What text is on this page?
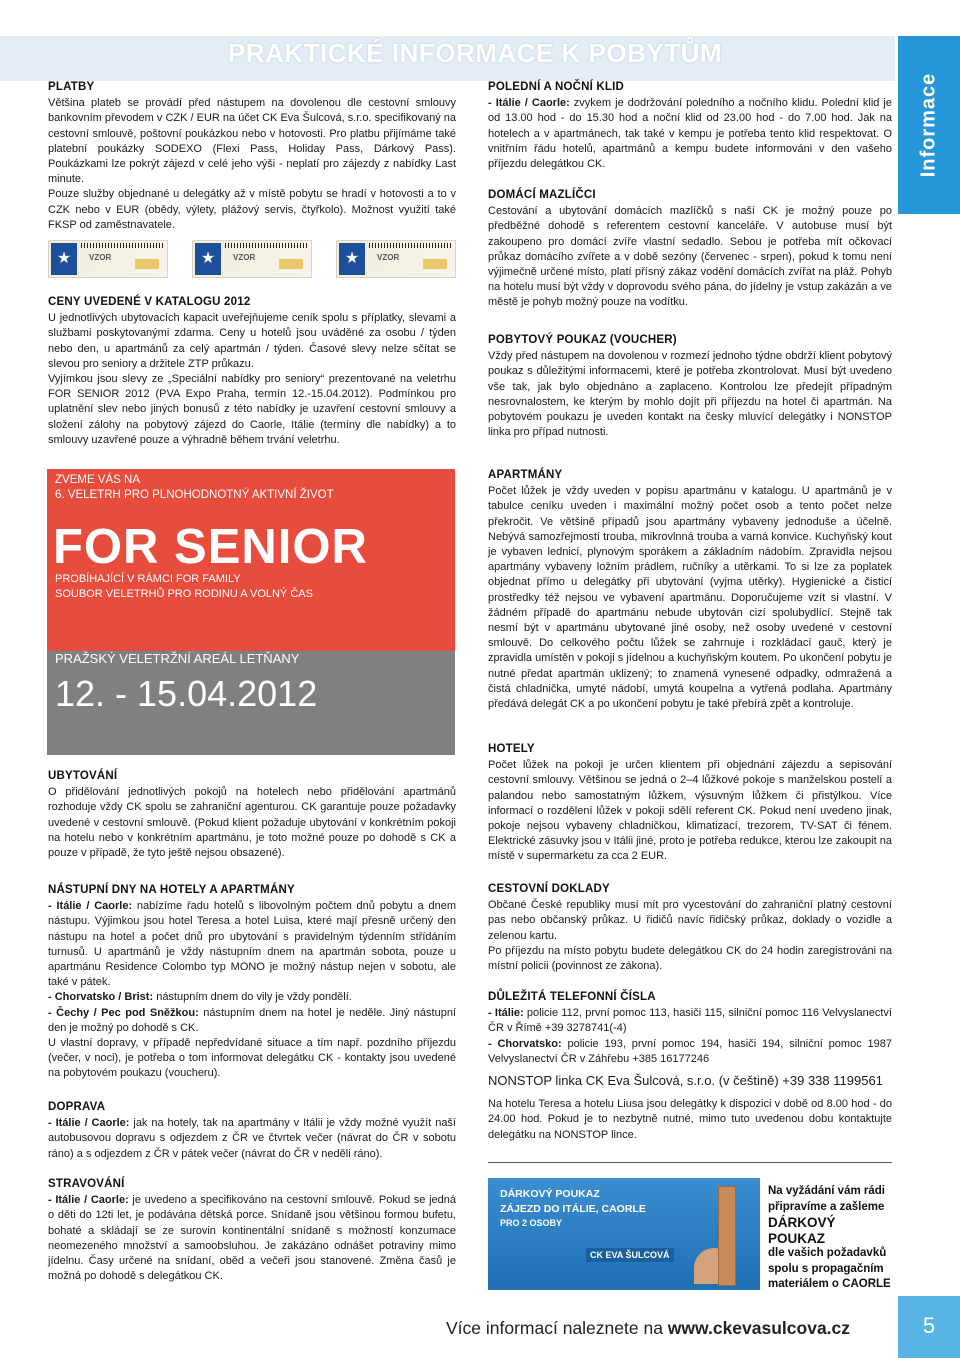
PRAKTICKÉ INFORMACE K POBYTŮM
Informace
PLATBY

Většina plateb se provádí před nástupem na dovolenou dle cestovní smlouvy bankovním převodem v CZK / EUR na účet CK Eva Šulcová, s.r.o. specifikovaný na cestovní smlouvě, poštovní poukázkou nebo v hotovosti. Pro platbu přijímáme také platební poukázky SODEXO (Flexi Pass, Holiday Pass, Dárkový Pass). Poukázkami lze pokrýt zájezd v celé jeho výši - neplatí pro zájezdy z nabídky Last minute.

Pouze služby objednané u delegátky až v místě pobytu se hradí v hotovosti a to v CZK nebo v EUR (obědy, výlety, plážový servis, čtyřkolo). Možnost využití také FKSP od zaměstnavatele.

★	VZOR	★	VZOR	★	VZOR
CENY UVEDENÉ V KATALOGU 2012

U jednotlivých ubytovacích kapacit uveřejňujeme ceník spolu s příplatky, slevami a službami poskytovanými zdarma. Ceny u hotelů jsou uváděné za osobu / týden nebo den, u apartmánů za celý apartmán / týden. Časové slevy nelze sčítat se slevou pro seniory a držitele ZTP průkazu.

Vyjímkou jsou slevy ze „Speciální nabídky pro seniory“ prezentované na veletrhu FOR SENIOR 2012 (PVA Expo Praha, termín 12.-15.04.2012). Podmínkou pro uplatnění slev nebo jiných bonusů z této nabídky je uzavření cestovní smlouvy a složení zálohy na pobytový zájezd do Caorle, Itálie (termíny dle nabídky) a to smlouvy uzavřené pouze a výhradně během trvání veletrhu.

ZVEME VÁS NA
6. VELETRH PRO PLNOHODNOTNÝ AKTIVNÍ ŽIVOT
FOR SENIOR
PROBÍHAJÍCÍ V RÁMCI FOR FAMILY
SOUBOR VELETRHŮ PRO RODINU A VOLNÝ ČAS
PRAŽSKÝ VELETRŽNÍ AREÁL LETŇANY
12. - 15.04.2012
UBYTOVÁNÍ

O přidělování jednotlivých pokojů na hotelech nebo přidělování apartmánů rozhoduje vždy CK spolu se zahraniční agenturou. CK garantuje pouze požadavky uvedené v cestovní smlouvě. (Pokud klient požaduje ubytování v konkrétním pokoji na hotelu nebo v konkrétním apartmánu, je toto možné pouze po dohodě s CK a pouze v případě, že tyto ještě nejsou obsazené).

NÁSTUPNÍ DNY NA HOTELY A APARTMÁNY

- Itálie / Caorle: nabízíme řadu hotelů s libovolným počtem dnů pobytu a dnem nástupu. Výjimkou jsou hotel Teresa a hotel Luisa, které mají přesně určený den nástupu na hotel a počet dnů pro ubytování s pravidelným týdenním střídáním turnusů. U apartmánů je vždy nástupním dnem na apartmán sobota, pouze u apartmánu Residence Colombo typ MONO je možný nástup nejen v sobotu, ale také v pátek.

- Chorvatsko / Brist: nástupním dnem do vily je vždy pondělí.

- Čechy / Pec pod Sněžkou: nástupním dnem na hotel je neděle. Jiný nástupní den je možný po dohodě s CK.

U vlastní dopravy, v případě nepředvídané situace a tím např. pozdního příjezdu (večer, v noci), je potřeba o tom informovat delegátku CK - kontakty jsou uvedené na pobytovém poukazu (voucheru).

DOPRAVA

- Itálie / Caorle: jak na hotely, tak na apartmány v Itálii je vždy možné využít naší autobusovou dopravu s odjezdem z ČR ve čtvrtek večer (návrat do ČR v sobotu ráno) a s odjezdem z ČR v pátek večer (návrat do ČR v neděli ráno).

STRAVOVÁNÍ

- Itálie / Caorle: je uvedeno a specifikováno na cestovní smlouvě. Pokud se jedná o děti do 12ti let, je podávána dětská porce. Snídaně jsou většinou formou bufetu, bohaté a skládají se ze surovin kontinentální snídaně s možností konzumace neomezeného množství a samoobsluhou. Je zakázáno odnášet potraviny mimo jídelnu. Časy určené na snídaní, oběd a večeři jsou stanovené. Změna časů je možná po dohodě s delegátkou CK.

POLEDNÍ A NOČNÍ KLID

- Itálie / Caorle: zvykem je dodržování poledního a nočního klidu. Polední klid je od 13.00 hod - do 15.30 hod a noční klid od 23.00 hod - do 7.00 hod. Jak na hotelech a v apartmánech, tak také v kempu je potřeba tento klid respektovat. O vnitřním řádu hotelů, apartmánů a kempu budete informováni v den vašeho příjezdu delegátkou CK.

DOMÁCÍ MAZLÍČCI

Cestování a ubytování domácích mazlíčků s naší CK je možný pouze po předběžné dohodě s referentem cestovní kanceláře. V autobuse musí být zakoupeno pro domácí zvíře vlastní sedadlo. Sebou je potřeba mít očkovací průkaz domácího zvířete a v době sezóny (červenec - srpen), pokud k tomu není výjimečně určené místo, platí přísný zákaz vodění domácích zvířat na pláž. Pohyb na hotelu musí být vždy v doprovodu svého pána, do jídelny je vstup zakázán a ve městě je pohyb možný pouze na vodítku.

POBYTOVÝ POUKAZ (VOUCHER)

Vždy před nástupem na dovolenou v rozmezí jednoho týdne obdrží klient pobytový poukaz s důležitými informacemi, které je potřeba zkontrolovat. Musí být uvedeno vše tak, jak bylo objednáno a zaplaceno. Kontrolou lze předejít případným nesrovnalostem, ke kterým by mohlo dojít při příjezdu na hotel či apartmán. Na pobytovém poukazu je uveden kontakt na česky mluvící delegátky i NONSTOP linka pro případ nutnosti.

APARTMÁNY

Počet lůžek je vždy uveden v popisu apartmánu v katalogu. U apartmánů je v tabulce ceníku uveden i maximální možný počet osob a tento počet nelze překročit. Ve většině případů jsou apartmány vybaveny jednoduše a účelně. Nebývá samozřejmostí trouba, mikrovlnná trouba a varná konvice. Kuchyňský kout je vybaven lednicí, plynovým sporákem a základním nádobím. Zpravidla nejsou apartmány vybaveny ložním prádlem, ručníky a utěrkami. To si lze za poplatek objednat přímo u delegátky při ubytování (vyjma utěrky). Hygienické a čisticí prostředky též nejsou ve vybavení apartmánu. Doporučujeme vzít si vlastní. V žádném případě do apartmánu nebude ubytován cizí spolubydlící. Stejně tak nesmí být v apartmánu ubytované jiné osoby, než osoby uvedené v cestovní smlouvě. Do celkového počtu lůžek se zahrnuje i rozkládací gauč, který je zpravidla umístěn v pokoji s jídelnou a kuchyňským koutem. Po ukončení pobytu je nutné předat apartmán uklizený; to znamená vynesené odpadky, odmražená a čistá chladnička, umyté nádobí, umytá koupelna a vytřená podlaha. Apartmány předává delegát CK a po ukončení pobytu je také přebírá zpět a kontroluje.

HOTELY

Počet lůžek na pokoji je určen klientem při objednání zájezdu a sepisování cestovní smlouvy. Většinou se jedná o 2–4 lůžkové pokoje s manželskou postelí a palandou nebo samostatným lůžkem, výsuvným lůžkem či přistýlkou. Více informací o rozdělení lůžek v pokoji sdělí referent CK. Pokud není uvedeno jinak, pokoje nejsou vybaveny chladničkou, klimatizací, trezorem, TV-SAT či fénem. Elektrické zásuvky jsou v Itálii jiné, proto je potřeba redukce, kterou lze zakoupit na místě v supermarketu za cca 2 EUR.

CESTOVNÍ DOKLADY

Občané České republiky musí mít pro vycestování do zahraniční platný cestovní pas nebo občanský průkaz. U řidičů navíc řidičský průkaz, doklady o vozidle a zelenou kartu.

Po příjezdu na místo pobytu budete delegátkou CK do 24 hodin zaregistrováni na místní policii (povinnost ze zákona).

DŮLEŽITÁ TELEFONNÍ ČÍSLA

- Itálie: policie 112, první pomoc 113, hasiči 115, silniční pomoc 116 Velvyslanectví ČR v Římě +39 3278741(-4)

- Chorvatsko: policie 193, první pomoc 194, hasiči 194, silniční pomoc 1987 Velvyslanectví ČR v Záhřebu +385 16177246

NONSTOP linka CK Eva Šulcová, s.r.o. (v češtině) +39 338 1199561

Na hotelu Teresa a hotelu Liusa jsou delegátky k dispozici v době od 8.00 hod - do 24.00 hod. Pokud je to nezbytně nutné, mimo tuto uvedenou dobu kontaktujte delegátku na NONSTOP lince.

DÁRKOVÝ POUKAZ
ZÁJEZD DO ITÁLIE, CAORLE
PRO 2 OSOBY
CK EVA ŠULCOVÁ
Na vyžádání vám rádi připravíme a zašleme
DÁRKOVÝ POUKAZ
dle vašich požadavků spolu s propagačním materiálem o CAORLE
Více informací naleznete na www.ckevasulcova.cz	5
